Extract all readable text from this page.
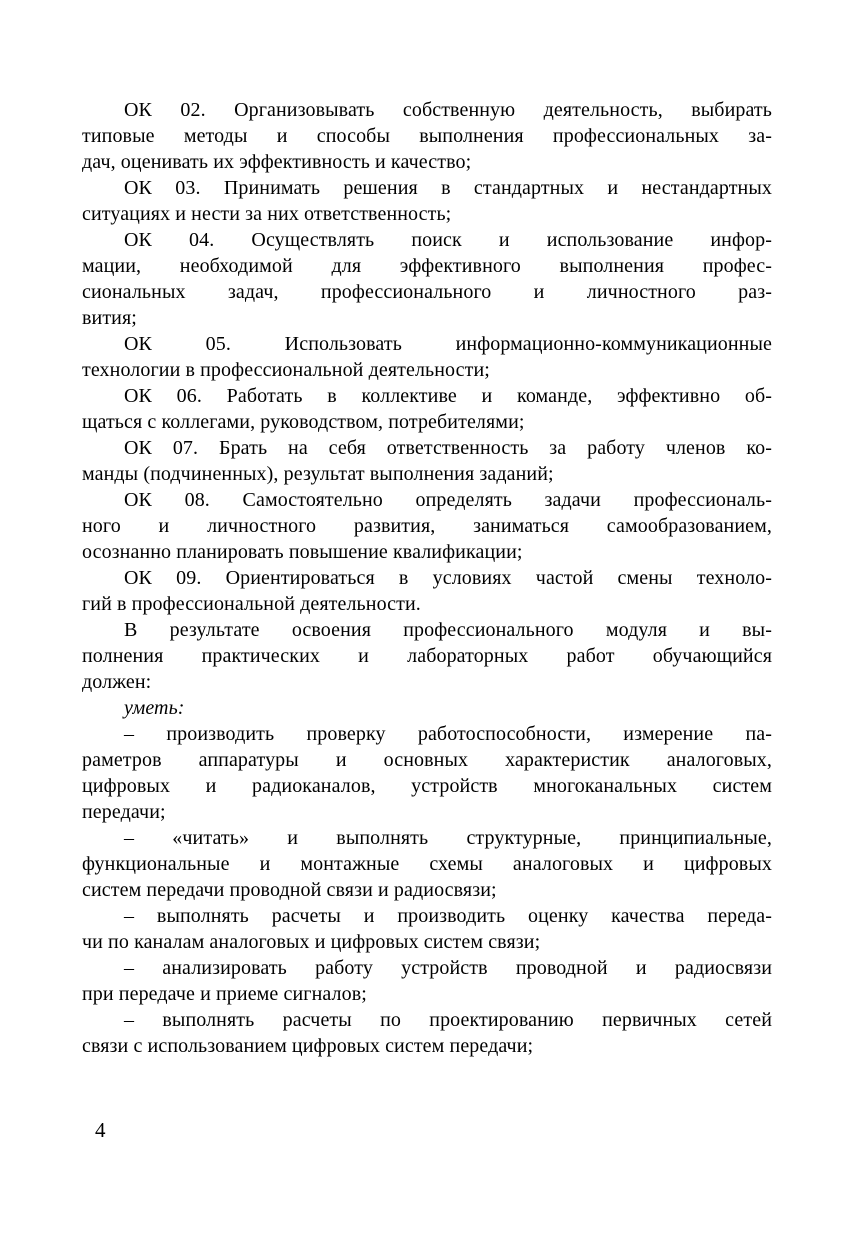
ОК 02. Организовывать собственную деятельность, выбирать
типовые методы и способы выполнения профессиональных за-
дач, оценивать их эффективность и качество;

ОК 03. Принимать решения в стандартных и нестандартных
ситуациях и нести за них ответственность;

ОК 04. Осуществлять поиск и использование инфор-
мации, необходимой для эффективного выполнения профес-
сиональных задач, профессионального и личностного раз-
вития;

ОК 05. Использовать информационно-коммуникационные
технологии в профессиональной деятельности;

ОК 06. Работать в коллективе и команде, эффективно об-
щаться с коллегами, руководством, потребителями;

ОК 07. Брать на себя ответственность за работу членов ко-
манды (подчиненных), результат выполнения заданий;

ОК 08. Самостоятельно определять задачи профессиональ-
ного и личностного развития, заниматься самообразованием,
осознанно планировать повышение квалификации;

ОК 09. Ориентироваться в условиях частой смены техноло-
гий в профессиональной деятельности.

В результате освоения профессионального модуля и вы-
полнения практических и лабораторных работ обучающийся
должен:

уметь:

– производить проверку работоспособности, измерение па-
раметров аппаратуры и основных характеристик аналоговых,
цифровых и радиоканалов, устройств многоканальных систем
передачи;

– «читать» и выполнять структурные, принципиальные,
функциональные и монтажные схемы аналоговых и цифровых
систем передачи проводной связи и радиосвязи;

– выполнять расчеты и производить оценку качества переда-
чи по каналам аналоговых и цифровых систем связи;

– анализировать работу устройств проводной и радиосвязи
при передаче и приеме сигналов;

– выполнять расчеты по проектированию первичных сетей
связи с использованием цифровых систем передачи;

4
